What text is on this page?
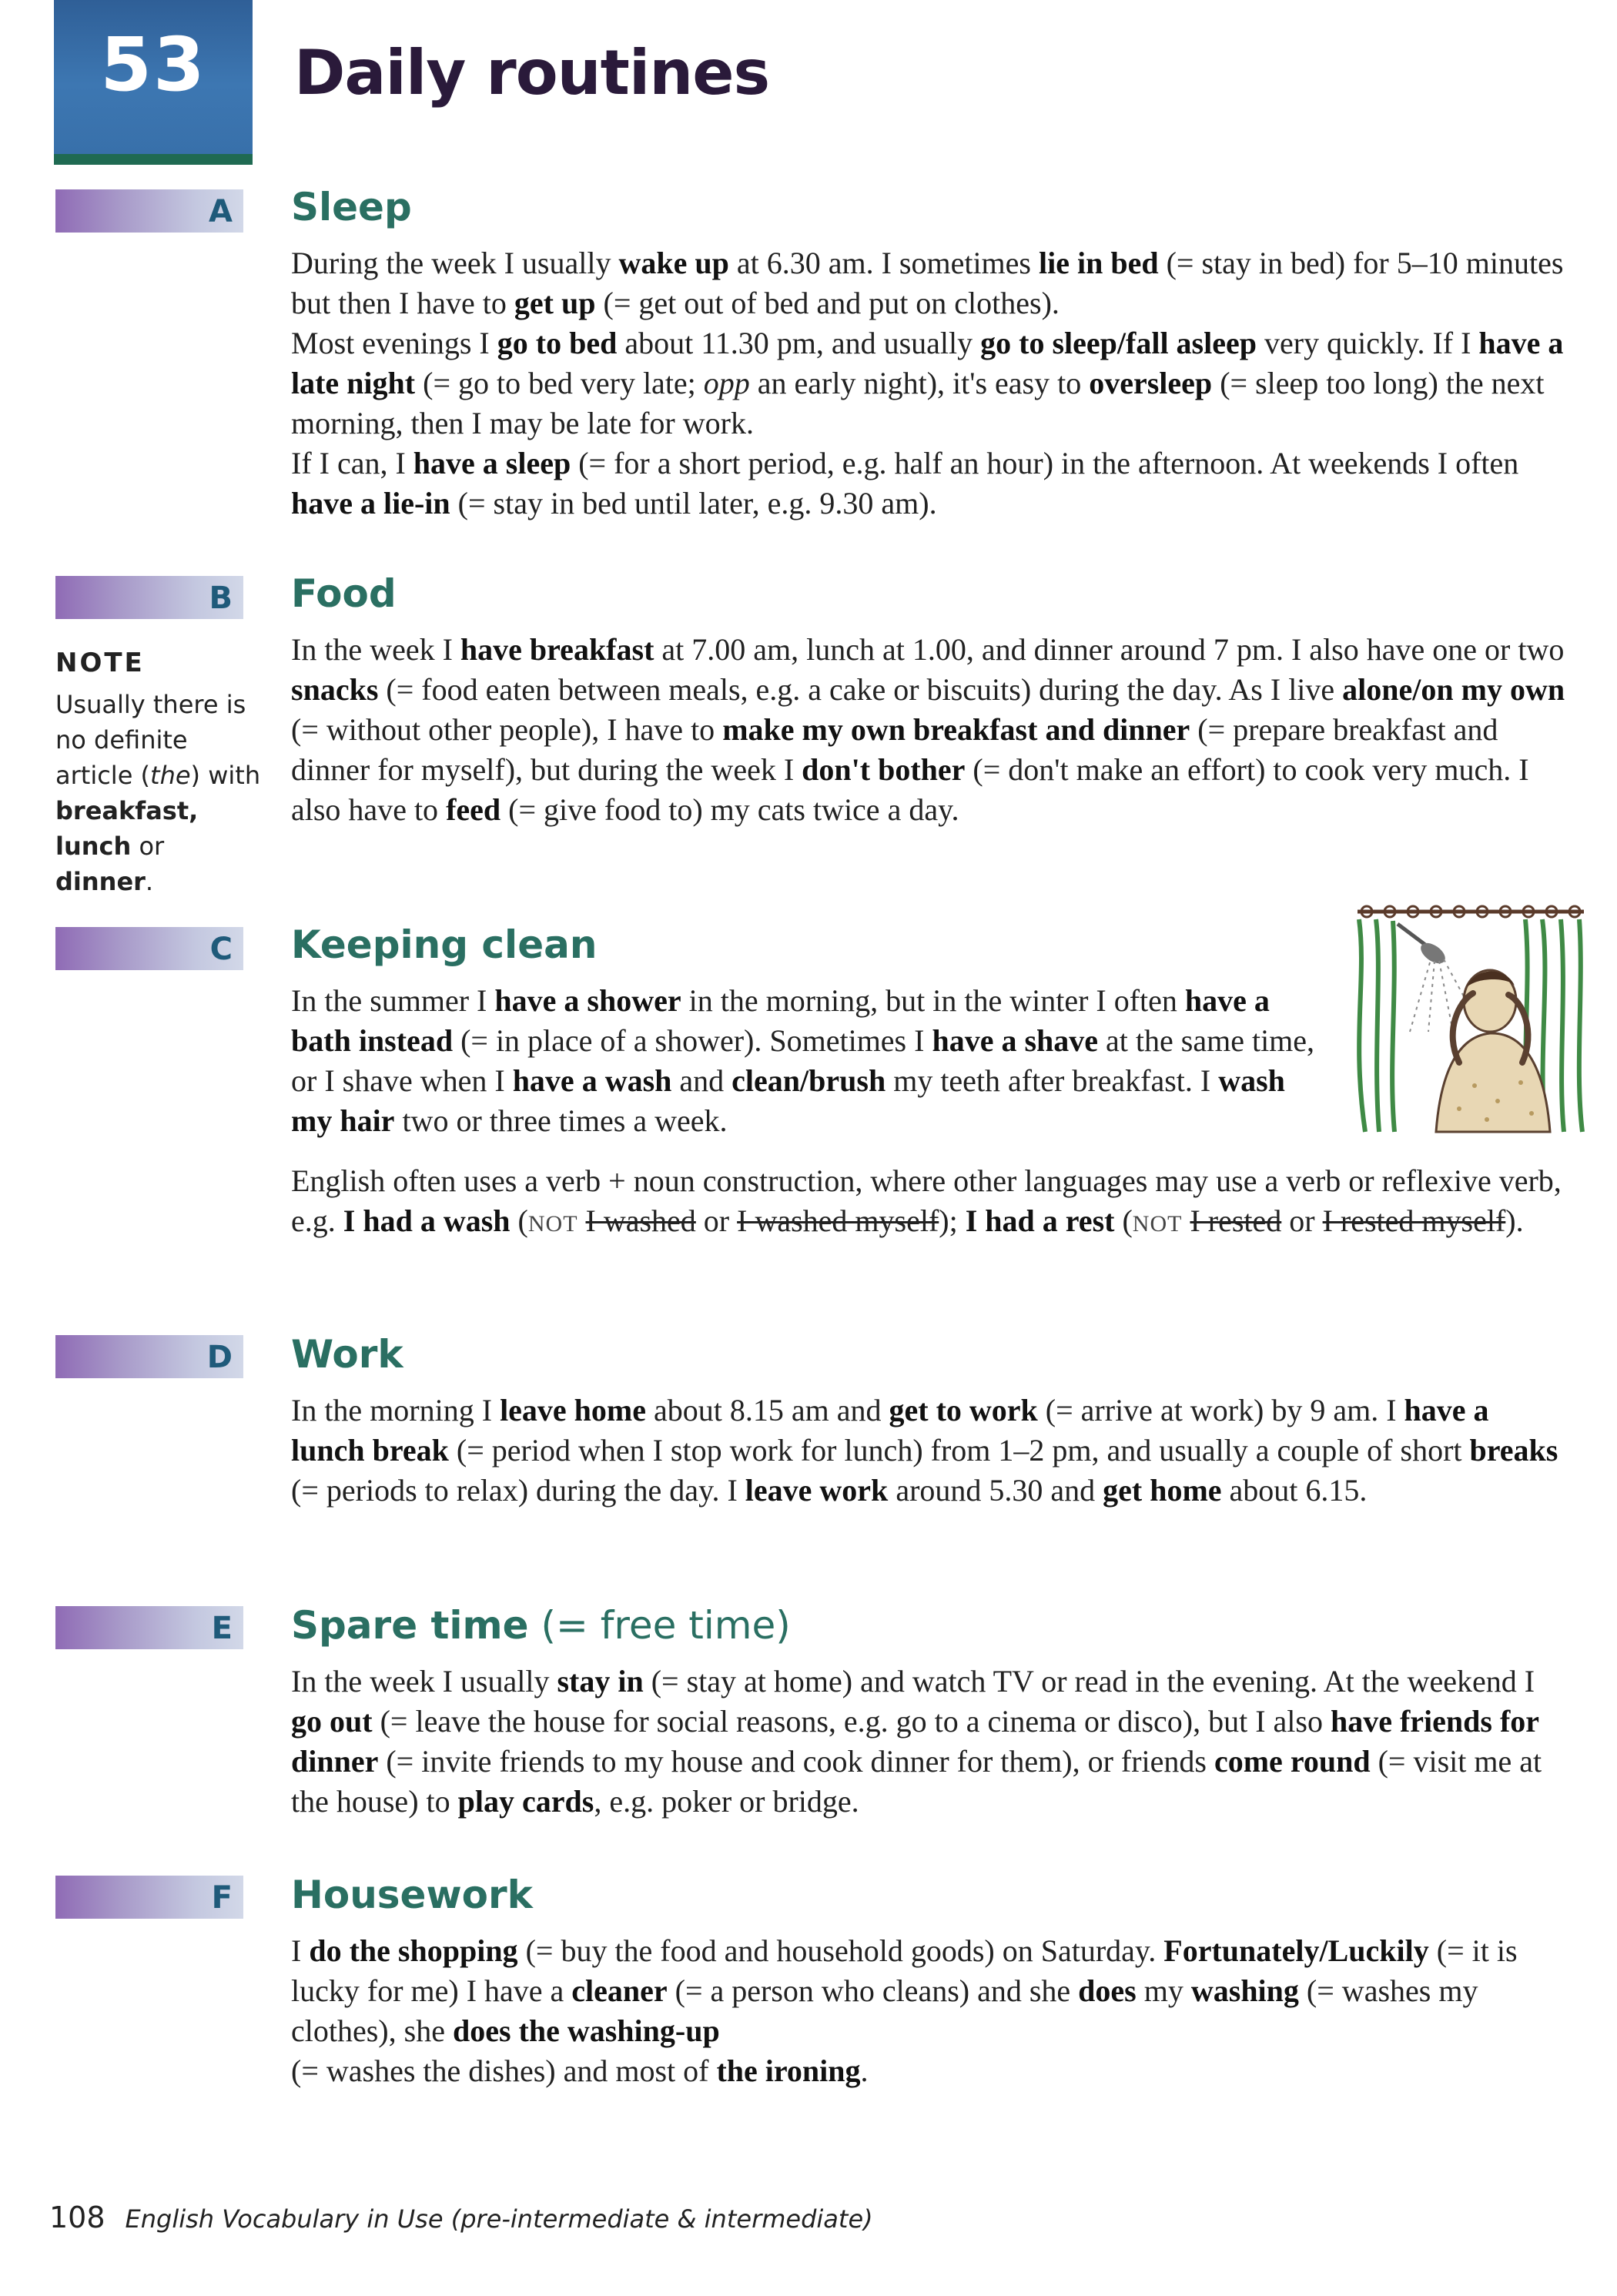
53	Daily routines
A Sleep
During the week I usually wake up at 6.30 am. I sometimes lie in bed (= stay in bed) for 5–10 minutes but then I have to get up (= get out of bed and put on clothes).
Most evenings I go to bed about 11.30 pm, and usually go to sleep/fall asleep very quickly. If I have a late night (= go to bed very late; opp an early night), it's easy to oversleep (= sleep too long) the next morning, then I may be late for work.
If I can, I have a sleep (= for a short period, e.g. half an hour) in the afternoon. At weekends I often have a lie-in (= stay in bed until later, e.g. 9.30 am).
B Food
In the week I have breakfast at 7.00 am, lunch at 1.00, and dinner around 7 pm. I also have one or two snacks (= food eaten between meals, e.g. a cake or biscuits) during the day. As I live alone/on my own (= without other people), I have to make my own breakfast and dinner (= prepare breakfast and dinner for myself), but during the week I don't bother (= don't make an effort) to cook very much. I also have to feed (= give food to) my cats twice a day.
NOTE
Usually there is no definite article (the) with breakfast, lunch or dinner.
C Keeping clean
In the summer I have a shower in the morning, but in the winter I often have a bath instead (= in place of a shower). Sometimes I have a shave at the same time, or I shave when I have a wash and clean/brush my teeth after breakfast. I wash my hair two or three times a week.
English often uses a verb + noun construction, where other languages may use a verb or reflexive verb, e.g. I had a wash (NOT I washed or I washed myself); I had a rest (NOT I rested or I rested myself).
D Work
In the morning I leave home about 8.15 am and get to work (= arrive at work) by 9 am. I have a lunch break (= period when I stop work for lunch) from 1–2 pm, and usually a couple of short breaks (= periods to relax) during the day. I leave work around 5.30 and get home about 6.15.
E Spare time (= free time)
In the week I usually stay in (= stay at home) and watch TV or read in the evening. At the weekend I go out (= leave the house for social reasons, e.g. go to a cinema or disco), but I also have friends for dinner (= invite friends to my house and cook dinner for them), or friends come round (= visit me at the house) to play cards, e.g. poker or bridge.
F Housework
I do the shopping (= buy the food and household goods) on Saturday. Fortunately/Luckily (= it is lucky for me) I have a cleaner (= a person who cleans) and she does my washing (= washes my clothes), she does the washing-up
(= washes the dishes) and most of the ironing.
108 English Vocabulary in Use (pre-intermediate & intermediate)
